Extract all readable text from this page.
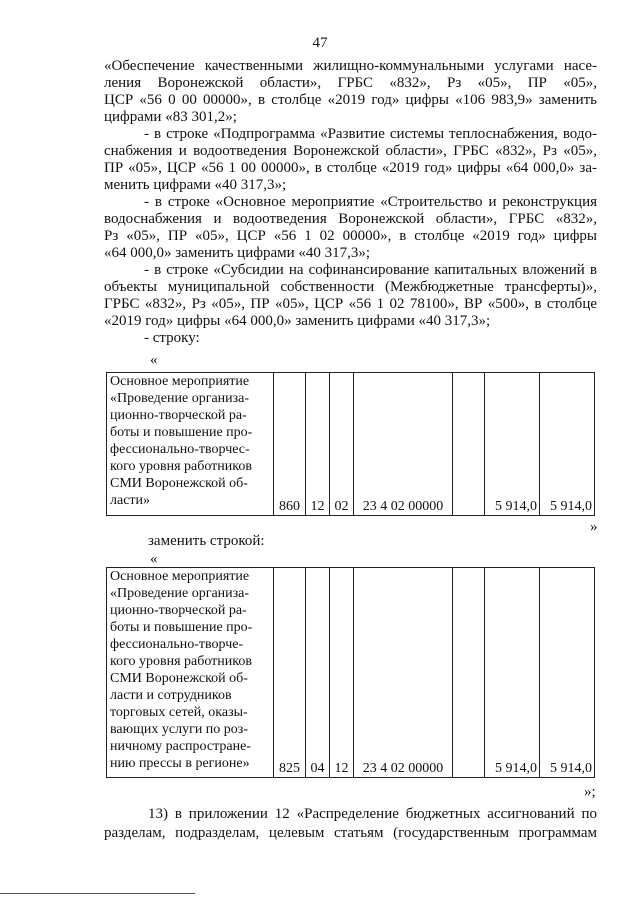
47
«Обеспечение качественными жилищно-коммунальными услугами насе-
ления Воронежской области», ГРБС «832», Рз «05», ПР «05»,
ЦСР «56 0 00 00000», в столбце «2019 год» цифры «106 983,9» заменить
цифрами «83 301,2»;
- в строке «Подпрограмма «Развитие системы теплоснабжения, водо-
снабжения и водоотведения Воронежской области», ГРБС «832», Рз «05»,
ПР «05», ЦСР «56 1 00 00000», в столбце «2019 год» цифры «64 000,0» за-
менить цифрами «40 317,3»;
- в строке «Основное мероприятие «Строительство и реконструкция
водоснабжения и водоотведения Воронежской области», ГРБС «832»,
Рз «05», ПР «05», ЦСР «56 1 02 00000», в столбце «2019 год» цифры
«64 000,0» заменить цифрами «40 317,3»;
- в строке «Субсидии на софинансирование капитальных вложений в
объекты муниципальной собственности (Межбюджетные трансферты)»,
ГРБС «832», Рз «05», ПР «05», ЦСР «56 1 02 78100», ВР «500», в столбце
«2019 год» цифры «64 000,0» заменить цифрами «40 317,3»;
- строку:
«
Основное мероприятие
«Проведение организа-
ционно-творческой ра-
боты и повышение про-
фессионально-творчес-
кого уровня работников
СМИ Воронежской об-
ласти»	860	12	02	23 4 02 00000		5 914,0	5 914,0
»
заменить строкой:
«
Основное мероприятие
«Проведение организа-
ционно-творческой ра-
боты и повышение про-
фессионально-творче-
кого уровня работников
СМИ Воронежской об-
ласти и сотрудников
торговых сетей, оказы-
вающих услуги по роз-
ничному распростране-
нию прессы в регионе»	825	04	12	23 4 02 00000		5 914,0	5 914,0
»;
13) в приложении 12 «Распределение бюджетных ассигнований по
разделам, подразделам, целевым статьям (государственным программам
